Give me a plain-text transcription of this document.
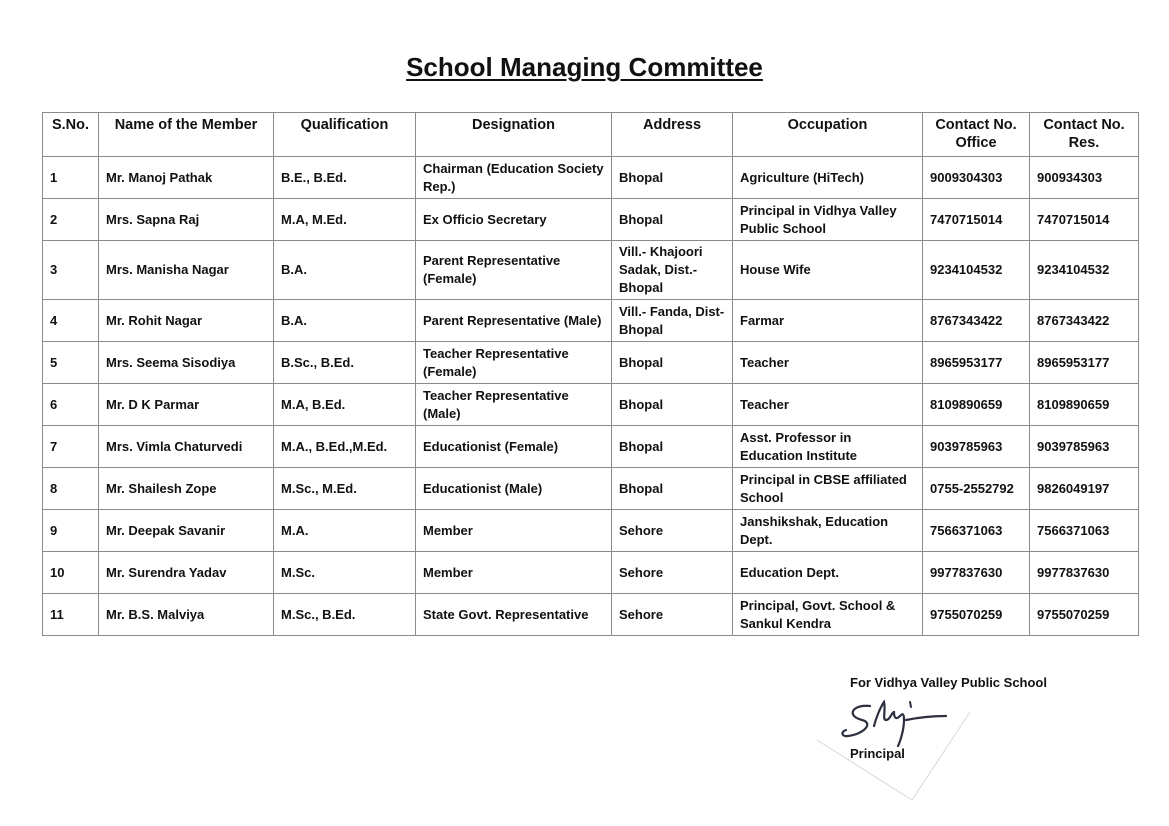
School Managing Committee
S.No.	Name of the Member	Qualification	Designation	Address	Occupation	Contact No. Office	Contact No. Res.
1	Mr. Manoj Pathak	B.E., B.Ed.	Chairman (Education Society Rep.)	Bhopal	Agriculture (HiTech)	9009304303	900934303
2	Mrs. Sapna Raj	M.A, M.Ed.	Ex Officio Secretary	Bhopal	Principal in Vidhya Valley Public School	7470715014	7470715014
3	Mrs. Manisha Nagar	B.A.	Parent Representative (Female)	Vill.- Khajoori Sadak, Dist.- Bhopal	House Wife	9234104532	9234104532
4	Mr. Rohit Nagar	B.A.	Parent Representative (Male)	Vill.- Fanda, Dist-Bhopal	Farmar	8767343422	8767343422
5	Mrs. Seema Sisodiya	B.Sc., B.Ed.	Teacher Representative (Female)	Bhopal	Teacher	8965953177	8965953177
6	Mr. D K Parmar	M.A, B.Ed.	Teacher Representative (Male)	Bhopal	Teacher	8109890659	8109890659
7	Mrs. Vimla Chaturvedi	M.A., B.Ed.,M.Ed.	Educationist (Female)	Bhopal	Asst. Professor in Education Institute	9039785963	9039785963
8	Mr. Shailesh Zope	M.Sc., M.Ed.	Educationist (Male)	Bhopal	Principal in CBSE affiliated School	0755-2552792	9826049197
9	Mr. Deepak Savanir	M.A.	Member	Sehore	Janshikshak, Education Dept.	7566371063	7566371063
10	Mr. Surendra Yadav	M.Sc.	Member	Sehore	Education Dept.	9977837630	9977837630
11	Mr. B.S. Malviya	M.Sc., B.Ed.	State Govt. Representative	Sehore	Principal, Govt. School & Sankul Kendra	9755070259	9755070259
For Vidhya Valley Public School
Principal
